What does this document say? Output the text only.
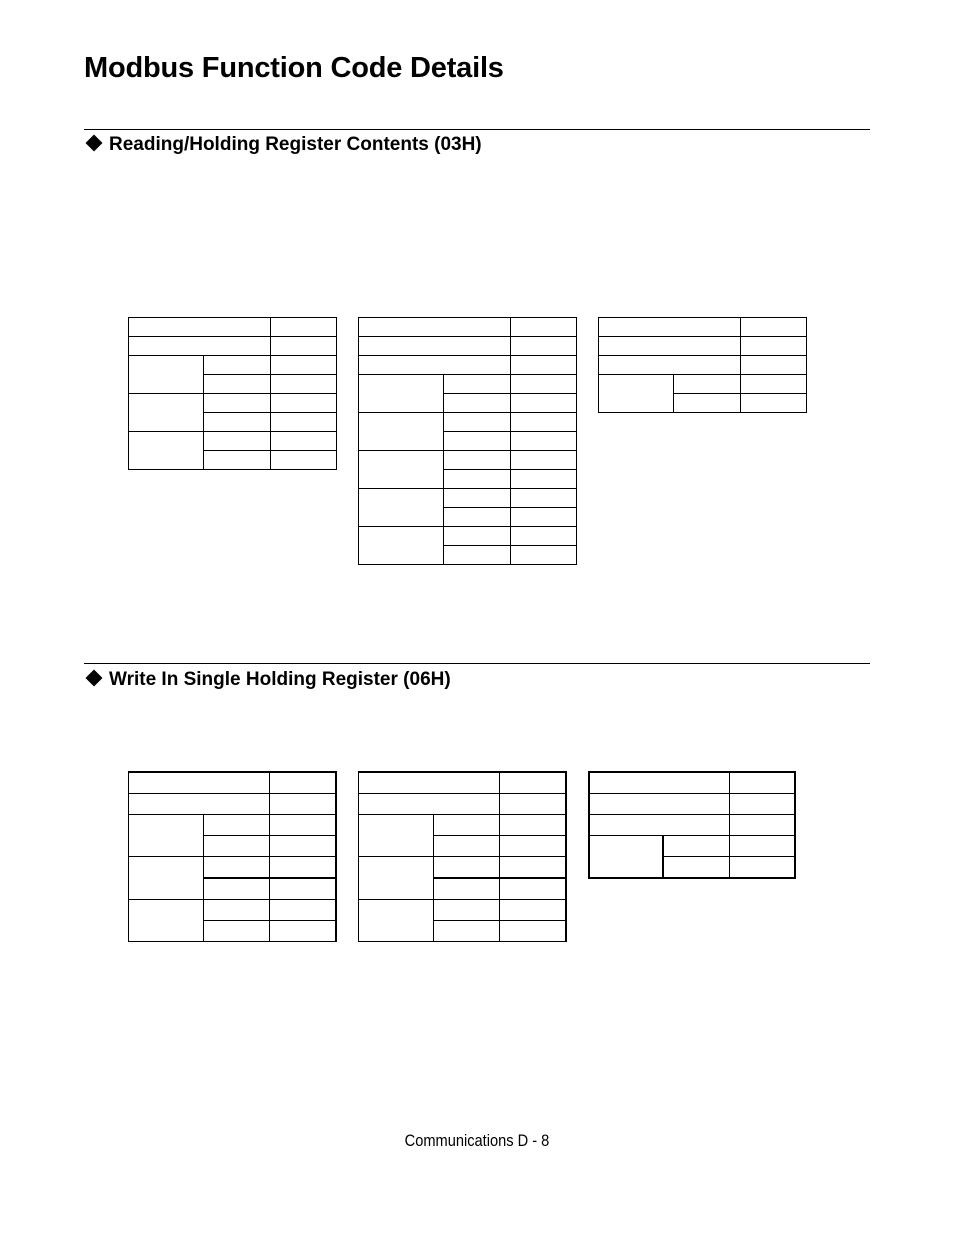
Modbus Function Code Details
Reading/Holding Register Contents (03H)

Write In Single Holding Register (06H)

Communications D - 8
